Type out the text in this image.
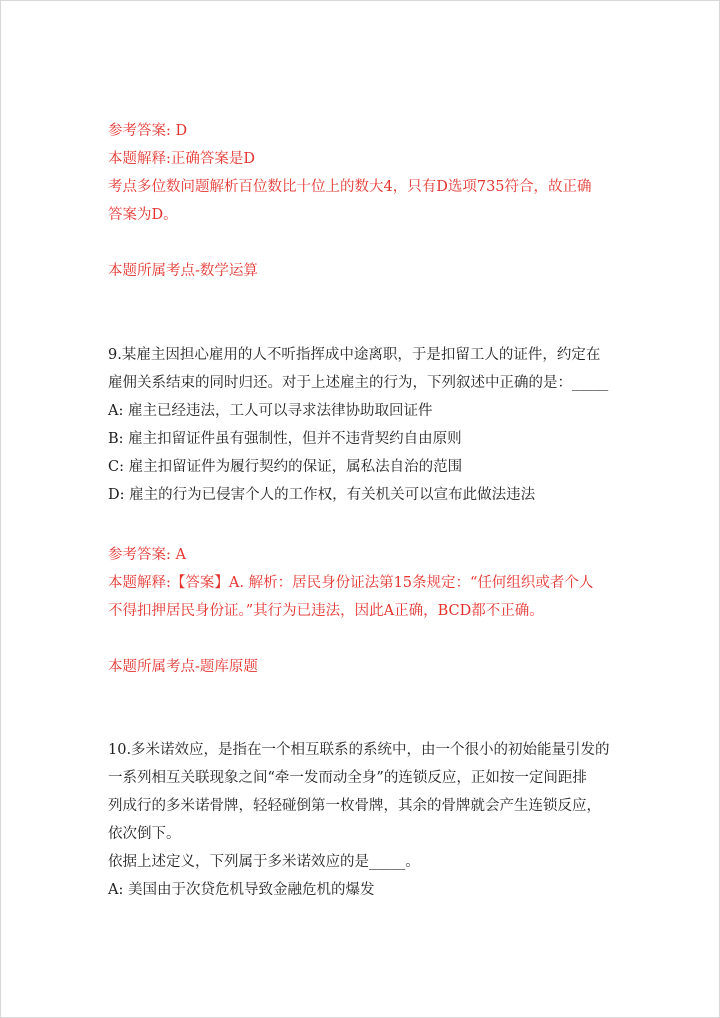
参考答案: D
本题解释:正确答案是D
考点多位数问题解析百位数比十位上的数大4，只有D选项735符合，故正确
答案为D。
本题所属考点-数学运算
9.某雇主因担心雇用的人不听指挥成中途离职，于是扣留工人的证件，约定在
雇佣关系结束的同时归还。对于上述雇主的行为，下列叙述中正确的是：_____
A: 雇主已经违法，工人可以寻求法律协助取回证件
B: 雇主扣留证件虽有强制性，但并不违背契约自由原则
C: 雇主扣留证件为履行契约的保证，属私法自治的范围
D: 雇主的行为已侵害个人的工作权，有关机关可以宣布此做法违法
参考答案: A
本题解释:【答案】A. 解析：居民身份证法第15条规定：“任何组织或者个人
不得扣押居民身份证。”其行为已违法，因此A正确，BCD都不正确。
本题所属考点-题库原题
10.多米诺效应，是指在一个相互联系的系统中，由一个很小的初始能量引发的
一系列相互关联现象之间“牵一发而动全身”的连锁反应，正如按一定间距排
列成行的多米诺骨牌，轻轻碰倒第一枚骨牌，其余的骨牌就会产生连锁反应，
依次倒下。
依据上述定义，下列属于多米诺效应的是_____。
A: 美国由于次贷危机导致金融危机的爆发
